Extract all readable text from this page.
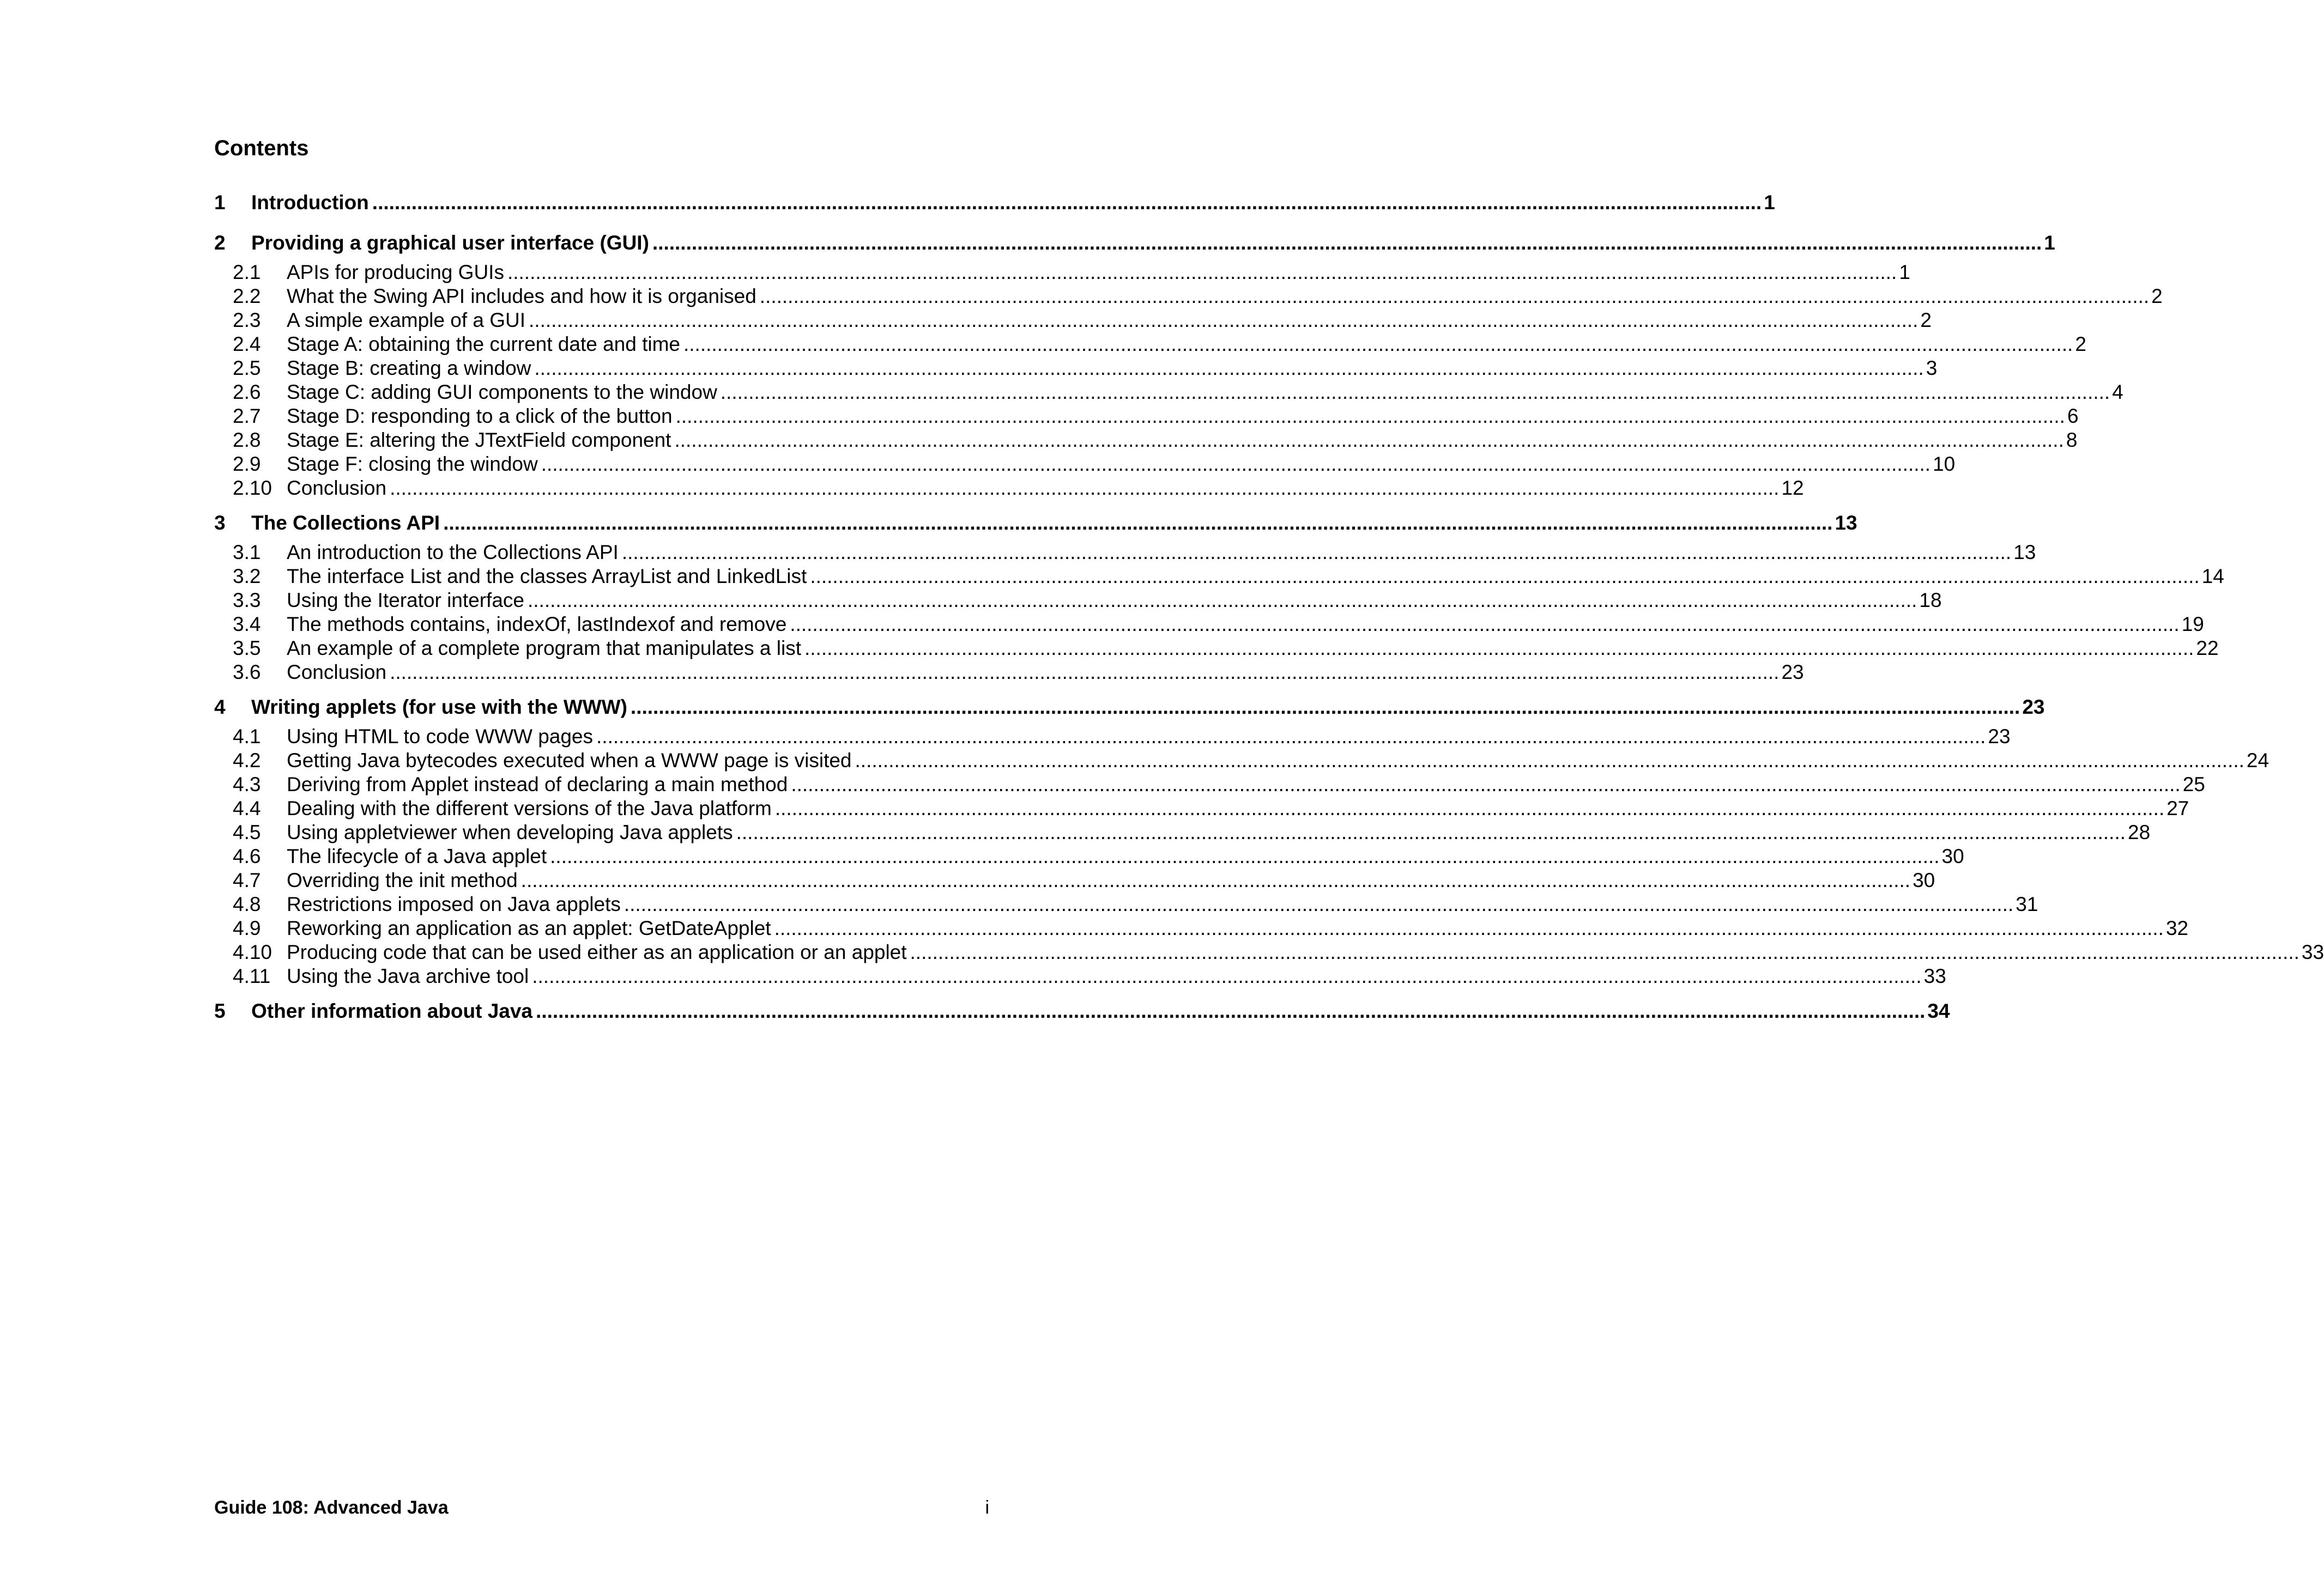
Contents
1	Introduction .....	1
2	Providing a graphical user interface (GUI) .....	1
2.1	APIs for producing GUIs .....	1
2.2	What the Swing API includes and how it is organised .....	2
2.3	A simple example of a GUI .....	2
2.4	Stage A: obtaining the current date and time .....	2
2.5	Stage B: creating a window .....	3
2.6	Stage C: adding GUI components to the window .....	4
2.7	Stage D: responding to a click of the button .....	6
2.8	Stage E: altering the JTextField component .....	8
2.9	Stage F: closing the window .....	10
2.10 Conclusion .....	12
3	The Collections API .....	13
3.1	An introduction to the Collections API .....	13
3.2	The interface List and the classes ArrayList and LinkedList .....	14
3.3	Using the Iterator interface .....	18
3.4	The methods contains, indexOf, lastIndexof and remove .....	19
3.5	An example of a complete program that manipulates a list .....	22
3.6	Conclusion .....	23
4	Writing applets (for use with the WWW) .....	23
4.1	Using HTML to code WWW pages .....	23
4.2	Getting Java bytecodes executed when a WWW page is visited .....	24
4.3	Deriving from Applet instead of declaring a main method .....	25
4.4	Dealing with the different versions of the Java platform .....	27
4.5	Using appletviewer when developing Java applets .....	28
4.6	The lifecycle of a Java applet .....	30
4.7	Overriding the init method .....	30
4.8	Restrictions imposed on Java applets .....	31
4.9	Reworking an application as an applet: GetDateApplet .....	32
4.10 Producing code that can be used either as an application or an applet .....	33
4.11 Using the Java archive tool .....	33
5	Other information about Java .....	34
Guide 108: Advanced Java	i
